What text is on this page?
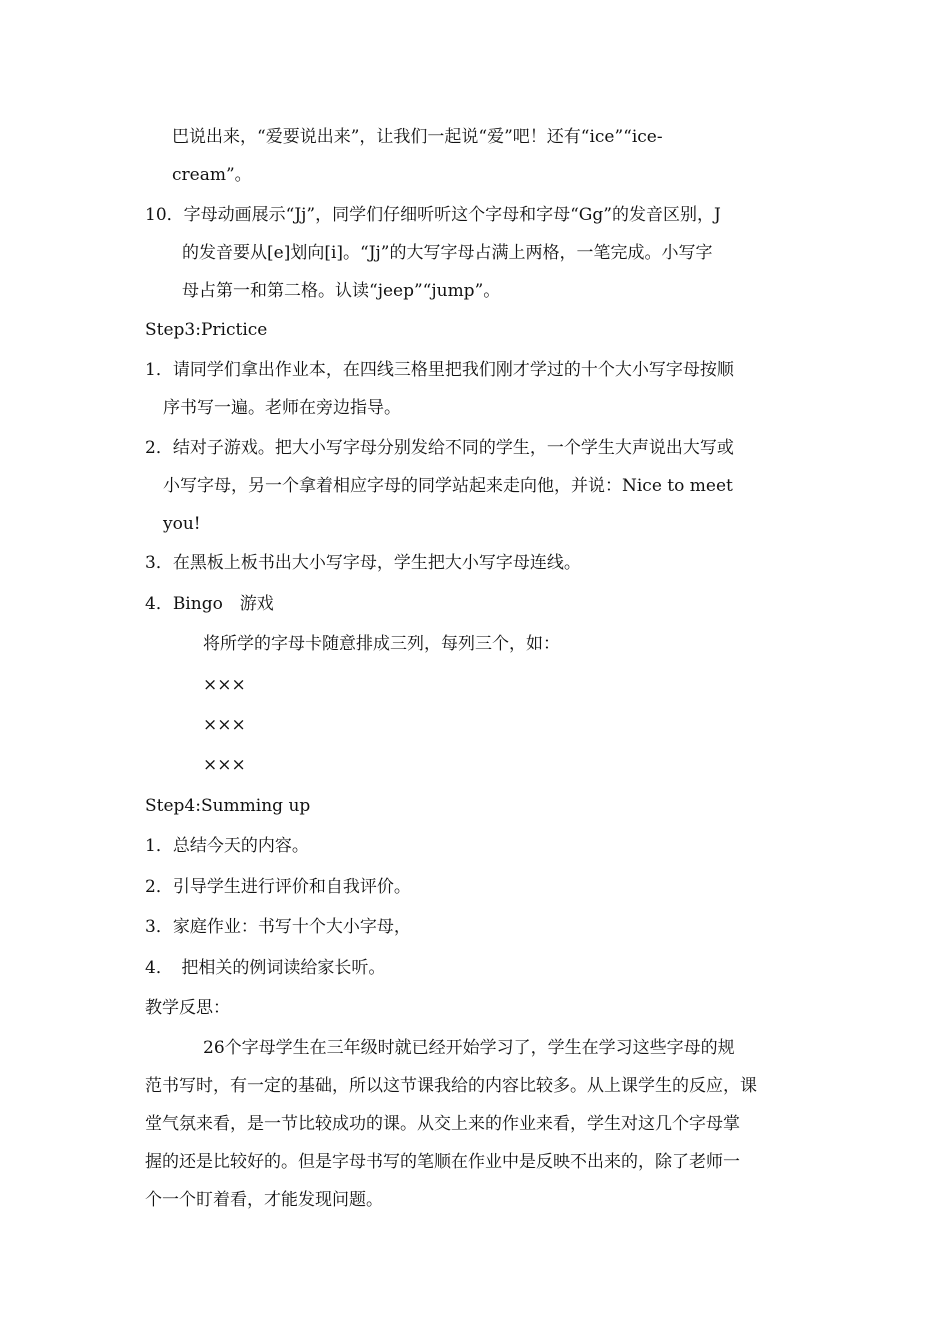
巴说出来，“爱要说出来”，让我们一起说“爱”吧！还有“ice”“ice-
cream”。
10．字母动画展示“Jj”，同学们仔细听听这个字母和字母“Gg”的发音区别，J
的发音要从[e]划向[i]。“Jj”的大写字母占满上两格，一笔完成。小写字
母占第一和第二格。认读“jeep”“jump”。
Step3:Prictice
1．请同学们拿出作业本，在四线三格里把我们刚才学过的十个大小写字母按顺
序书写一遍。老师在旁边指导。
2．结对子游戏。把大小写字母分别发给不同的学生，一个学生大声说出大写或
小写字母，另一个拿着相应字母的同学站起来走向他，并说：Nice to meet
you!
3．在黑板上板书出大小写字母，学生把大小写字母连线。
4．Bingo　游戏
将所学的字母卡随意排成三列，每列三个，如：
×××
×××
×××
Step4:Summing up
1．总结今天的内容。
2．引导学生进行评价和自我评价。
3．家庭作业：书写十个大小字母，
4．　把相关的例词读给家长听。
教学反思：
26个字母学生在三年级时就已经开始学习了，学生在学习这些字母的规
范书写时，有一定的基础，所以这节课我给的内容比较多。从上课学生的反应，课
堂气氛来看，是一节比较成功的课。从交上来的作业来看，学生对这几个字母掌
握的还是比较好的。但是字母书写的笔顺在作业中是反映不出来的，除了老师一
个一个盯着看，才能发现问题。
